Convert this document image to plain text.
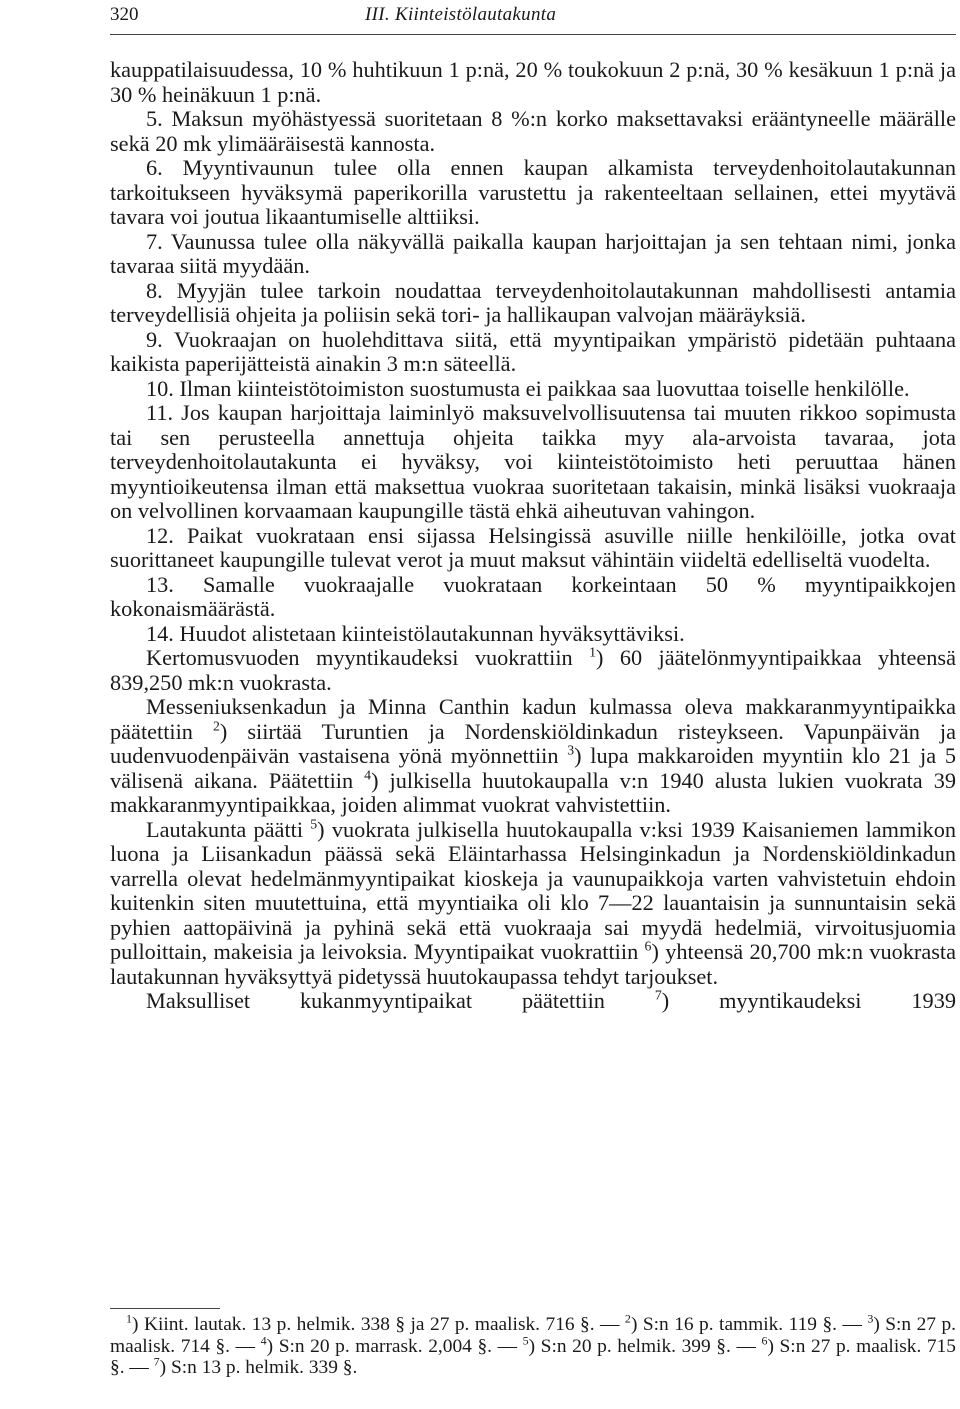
320	III. Kiinteistölautakunta

kauppatilaisuudessa, 10 % huhtikuun 1 p:nä, 20 % toukokuun 2 p:nä, 30 % kesäkuun 1 p:nä ja 30 % heinäkuun 1 p:nä.

5. Maksun myöhästyessä suoritetaan 8 %:n korko maksettavaksi erääntyneelle määrälle sekä 20 mk ylimääräisestä kannosta.

6. Myyntivaunun tulee olla ennen kaupan alkamista terveydenhoitolautakunnan tarkoitukseen hyväksymä paperikorilla varustettu ja rakenteeltaan sellainen, ettei myytävä tavara voi joutua likaantumiselle alttiiksi.

7. Vaunussa tulee olla näkyvällä paikalla kaupan harjoittajan ja sen tehtaan nimi, jonka tavaraa siitä myydään.

8. Myyjän tulee tarkoin noudattaa terveydenhoitolautakunnan mahdollisesti antamia terveydellisiä ohjeita ja poliisin sekä tori- ja hallikaupan valvojan määräyksiä.

9. Vuokraajan on huolehdittava siitä, että myyntipaikan ympäristö pidetään puhtaana kaikista paperijätteistä ainakin 3 m:n säteellä.

10. Ilman kiinteistötoimiston suostumusta ei paikkaa saa luovuttaa toiselle henkilölle.

11. Jos kaupan harjoittaja laiminlyö maksuvelvollisuutensa tai muuten rikkoo sopimusta tai sen perusteella annettuja ohjeita taikka myy ala-arvoista tavaraa, jota terveydenhoitolautakunta ei hyväksy, voi kiinteistötoimisto heti peruuttaa hänen myyntioikeutensa ilman että maksettua vuokraa suoritetaan takaisin, minkä lisäksi vuokraaja on velvollinen korvaamaan kaupungille tästä ehkä aiheutuvan vahingon.

12. Paikat vuokrataan ensi sijassa Helsingissä asuville niille henkilöille, jotka ovat suorittaneet kaupungille tulevat verot ja muut maksut vähintäin viideltä edelliseltä vuodelta.

13. Samalle vuokraajalle vuokrataan korkeintaan 50 % myyntipaikkojen kokonaismäärästä.

14. Huudot alistetaan kiinteistölautakunnan hyväksyttäviksi.

Kertomusvuoden myyntikaudeksi vuokrattiin $^1$) 60 jäätelönmyyntipaikkaa yhteensä 839,250 mk:n vuokrasta.

Messeniuksenkadun ja Minna Canthin kadun kulmassa oleva makkaranmyyntipaikka päätettiin $^2$) siirtää Turuntien ja Nordenskiöldinkadun risteykseen. Vapunpäivän ja uudenvuodenpäivän vastaisena yönä myönnettiin $^3$) lupa makkaroiden myyntiin klo 21 ja 5 välisenä aikana. Päätettiin $^4$) julkisella huutokaupalla v:n 1940 alusta lukien vuokrata 39 makkaranmyyntipaikkaa, joiden alimmat vuokrat vahvistettiin.

Lautakunta päätti $^5$) vuokrata julkisella huutokaupalla v:ksi 1939 Kaisaniemen lammikon luona ja Liisankadun päässä sekä Eläintarhassa Helsinginkadun ja Nordenskiöldinkadun varrella olevat hedelmänmyyntipaikat kioskeja ja vaunupaikkoja varten vahvistetuin ehdoin kuitenkin siten muutettuina, että myyntiaika oli klo 7—22 lauantaisin ja sunnuntaisin sekä pyhien aattopäivinä ja pyhinä sekä että vuokraaja sai myydä hedelmiä, virvoitusjuomia pulloittain, makeisia ja leivoksia. Myyntipaikat vuokrattiin $^6$) yhteensä 20,700 mk:n vuokrasta lautakunnan hyväksyttyä pidetyssä huutokaupassa tehdyt tarjoukset.

Maksulliset kukanmyyntipaikat päätettiin $^7$) myyntikaudeksi 1939

$^1$) Kiint. lautak. 13 p. helmik. 338 § ja 27 p. maalisk. 716 §. — $^2$) S:n 16 p. tammik. 119 §. — $^3$) S:n 27 p. maalisk. 714 §. — $^4$) S:n 20 p. marrask. 2,004 §. — $^5$) S:n 20 p. helmik. 399 §. — $^6$) S:n 27 p. maalisk. 715 §. — $^7$) S:n 13 p. helmik. 339 §.
